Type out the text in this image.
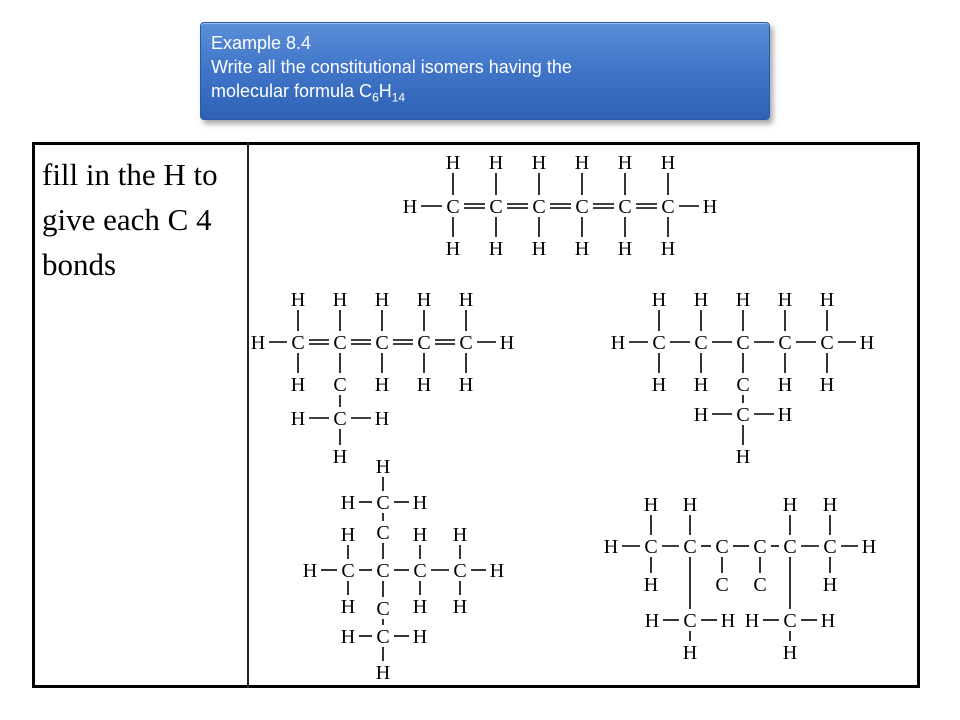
Example 8.4
Write all the constitutional isomers having the
molecular formula $C_6H_{14}$
fill in the H to give each C 4 bonds
C C C C C C
H H H H H H
H H H H H H
H	H
C C C C C
H H H H H
H	H H H
H	H
C
C
H	H
H
C C C C C
H H H H H
H H	H H
H	H
C
C
H	H
H
C C C C
H
H
H
H
H
H
H	H
C
C
H	H
H
C
C
H	H
H
C C C C C C
H	H
H H	H H
H	H
C C
C
H	H
H
C
H	H
H
